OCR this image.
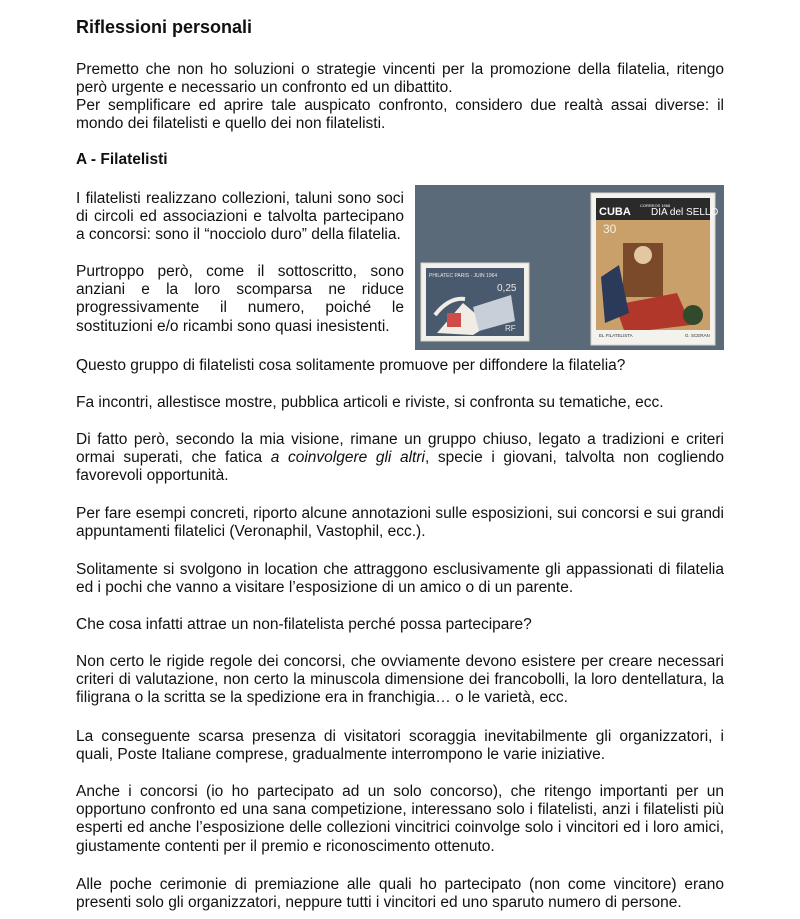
Riflessioni personali

Premetto che non ho soluzioni o strategie vincenti per la promozione della filatelia, ritengo però urgente e necessario un confronto ed un dibattito.

Per semplificare ed aprire tale auspicato confronto, considero due realtà assai diverse: il mondo dei filatelisti e quello dei non filatelisti.

A - Filatelisti

I filatelisti realizzano collezioni, taluni sono soci di circoli ed associazioni e talvolta partecipano a concorsi: sono il “nocciolo duro” della filatelia.

Purtroppo però, come il sottoscritto, sono anziani e la loro scomparsa ne riduce progressivamente il numero, poiché le sostituzioni e/o ricambi sono quasi inesistenti.

PHILATEC PARIS · JUIN 1964
0,25
RF
CUBA
CORREOS 1968
DIA del SELLO
30
EL FILATELISTA	G. SCERAN

Questo gruppo di filatelisti cosa solitamente promuove per diffondere la filatelia?

Fa incontri, allestisce mostre, pubblica articoli e riviste, si confronta su tematiche, ecc.

Di fatto però, secondo la mia visione, rimane un gruppo chiuso, legato a tradizioni e criteri ormai superati, che fatica a coinvolgere gli altri, specie i giovani, talvolta non cogliendo favorevoli opportunità.

Per fare esempi concreti, riporto alcune annotazioni sulle esposizioni, sui concorsi e sui grandi appuntamenti filatelici (Veronaphil, Vastophil, ecc.).

Solitamente si svolgono in location che attraggono esclusivamente gli appassionati di filatelia ed i pochi che vanno a visitare l’esposizione di un amico o di un parente.

Che cosa infatti attrae un non-filatelista perché possa partecipare?

Non certo le rigide regole dei concorsi, che ovviamente devono esistere per creare necessari criteri di valutazione, non certo la minuscola dimensione dei francobolli, la loro dentellatura, la filigrana o la scritta se la spedizione era in franchigia… o le varietà, ecc.

La conseguente scarsa presenza di visitatori scoraggia inevitabilmente gli organizzatori, i quali, Poste Italiane comprese, gradualmente interrompono le varie iniziative.

Anche i concorsi (io ho partecipato ad un solo concorso), che ritengo importanti per un opportuno confronto ed una sana competizione, interessano solo i filatelisti, anzi i filatelisti più esperti ed anche l’esposizione delle collezioni vincitrici coinvolge solo i vincitori ed i loro amici, giustamente contenti per il premio e riconoscimento ottenuto.

Alle poche cerimonie di premiazione alle quali ho partecipato (non come vincitore) erano presenti solo gli organizzatori, neppure tutti i vincitori ed uno sparuto numero di persone.
